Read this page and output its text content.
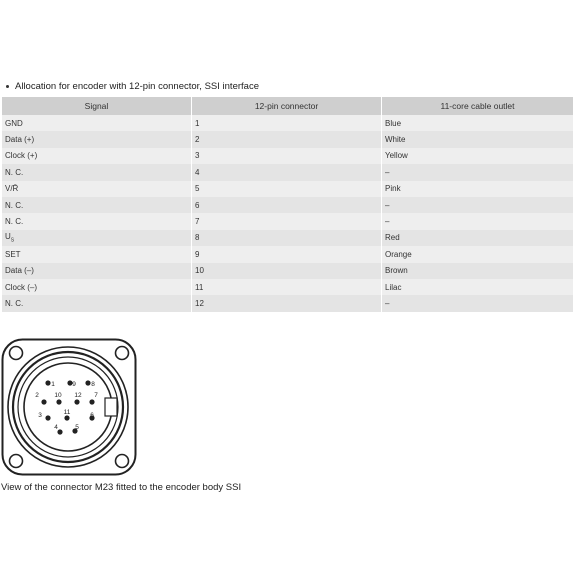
Allocation for encoder with 12-pin connector, SSI interface
Signal	12-pin connector	11-core cable outlet
GND	1	Blue
Data (+)	2	White
Clock (+)	3	Yellow
N. C.	4	–
V/R̄	5	Pink
N. C.	6	–
N. C.	7	–
$U_S$	8	Red
SET	9	Orange
Data (–)	10	Brown
Clock (–)	11	Lilac
N. C.	12	–
1
2
3
4	5
6
7
8
9
10
11
12
View of the connector M23 fitted to the encoder body SSI
